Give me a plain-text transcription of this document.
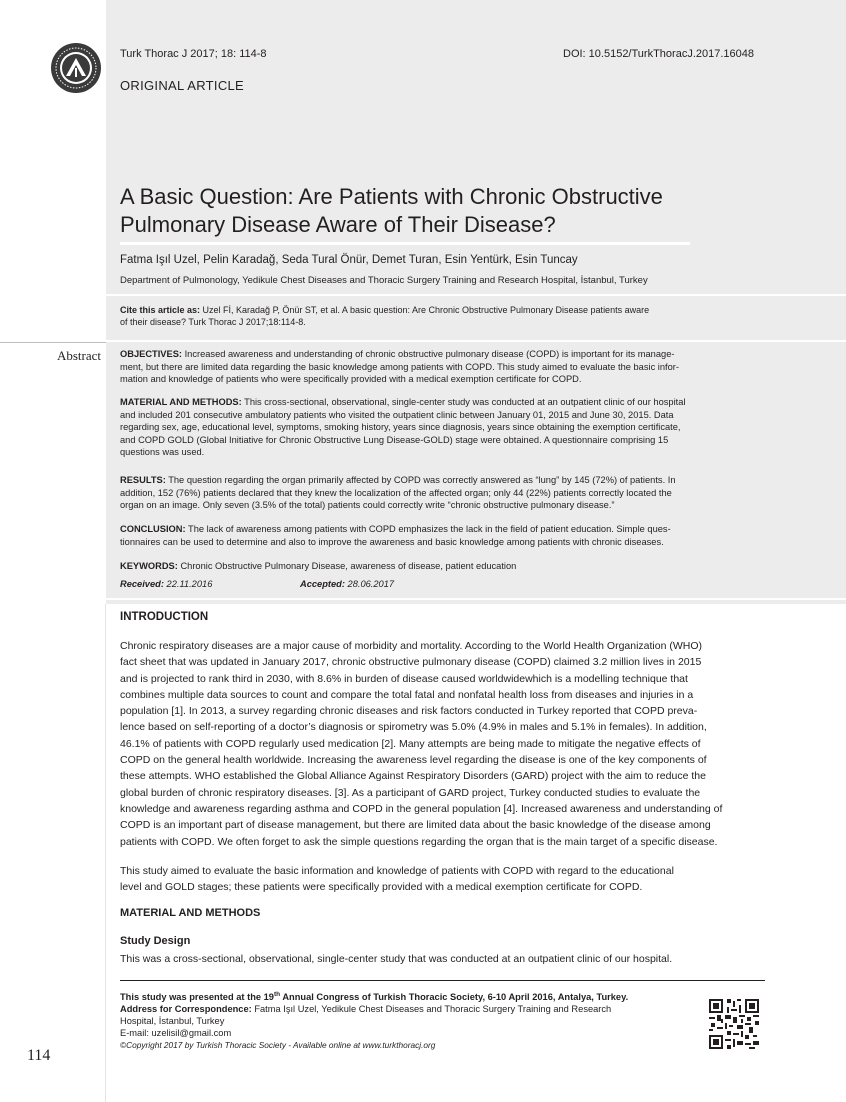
Turk Thorac J 2017; 18: 114-8	DOI: 10.5152/TurkThoracJ.2017.16048
ORIGINAL ARTICLE
A Basic Question: Are Patients with Chronic Obstructive
Pulmonary Disease Aware of Their Disease?
Fatma Işıl Uzel, Pelin Karadağ, Seda Tural Önür, Demet Turan, Esin Yentürk, Esin Tuncay
Department of Pulmonology, Yedikule Chest Diseases and Thoracic Surgery Training and Research Hospital, İstanbul, Turkey
Cite this article as: Uzel Fİ, Karadağ P, Önür ST, et al. A basic question: Are Chronic Obstructive Pulmonary Disease patients aware
of their disease? Turk Thorac J 2017;18:114-8.
Abstract OBJECTIVES: Increased awareness and understanding of chronic obstructive pulmonary disease (COPD) is important for its manage-
ment, but there are limited data regarding the basic knowledge among patients with COPD. This study aimed to evaluate the basic infor-
mation and knowledge of patients who were specifically provided with a medical exemption certificate for COPD.
MATERIAL AND METHODS: This cross-sectional, observational, single-center study was conducted at an outpatient clinic of our hospital
and included 201 consecutive ambulatory patients who visited the outpatient clinic between January 01, 2015 and June 30, 2015. Data
regarding sex, age, educational level, symptoms, smoking history, years since diagnosis, years since obtaining the exemption certificate,
and COPD GOLD (Global Initiative for Chronic Obstructive Lung Disease-GOLD) stage were obtained. A questionnaire comprising 15
questions was used.
RESULTS: The question regarding the organ primarily affected by COPD was correctly answered as “lung” by 145 (72%) of patients. In
addition, 152 (76%) patients declared that they knew the localization of the affected organ; only 44 (22%) patients correctly located the
organ on an image. Only seven (3.5% of the total) patients could correctly write “chronic obstructive pulmonary disease.”
CONCLUSION: The lack of awareness among patients with COPD emphasizes the lack in the field of patient education. Simple ques-
tionnaires can be used to determine and also to improve the awareness and basic knowledge among patients with chronic diseases.
KEYWORDS: Chronic Obstructive Pulmonary Disease, awareness of disease, patient education
Received: 22.11.2016	Accepted: 28.06.2017
INTRODUCTION
Chronic respiratory diseases are a major cause of morbidity and mortality. According to the World Health Organization (WHO)
fact sheet that was updated in January 2017, chronic obstructive pulmonary disease (COPD) claimed 3.2 million lives in 2015
and is projected to rank third in 2030, with 8.6% in burden of disease caused worldwidewhich is a modelling technique that
combines multiple data sources to count and compare the total fatal and nonfatal health loss from diseases and injuries in a
population [1]. In 2013, a survey regarding chronic diseases and risk factors conducted in Turkey reported that COPD preva-
lence based on self-reporting of a doctor’s diagnosis or spirometry was 5.0% (4.9% in males and 5.1% in females). In addition,
46.1% of patients with COPD regularly used medication [2]. Many attempts are being made to mitigate the negative effects of
COPD on the general health worldwide. Increasing the awareness level regarding the disease is one of the key components of
these attempts. WHO established the Global Alliance Against Respiratory Disorders (GARD) project with the aim to reduce the
global burden of chronic respiratory diseases. [3]. As a participant of GARD project, Turkey conducted studies to evaluate the
knowledge and awareness regarding asthma and COPD in the general population [4]. Increased awareness and understanding of
COPD is an important part of disease management, but there are limited data about the basic knowledge of the disease among
patients with COPD. We often forget to ask the simple questions regarding the organ that is the main target of a specific disease.
This study aimed to evaluate the basic information and knowledge of patients with COPD with regard to the educational
level and GOLD stages; these patients were specifically provided with a medical exemption certificate for COPD.
MATERIAL AND METHODS
Study Design
This was a cross-sectional, observational, single-center study that was conducted at an outpatient clinic of our hospital.
This study was presented at the 19th Annual Congress of Turkish Thoracic Society, 6-10 April 2016, Antalya, Turkey.
Address for Correspondence: Fatma Işıl Uzel, Yedikule Chest Diseases and Thoracic Surgery Training and Research
Hospital, İstanbul, Turkey
E-mail: uzelisil@gmail.com
©Copyright 2017 by Turkish Thoracic Society - Available online at www.turkthoracj.org
114
